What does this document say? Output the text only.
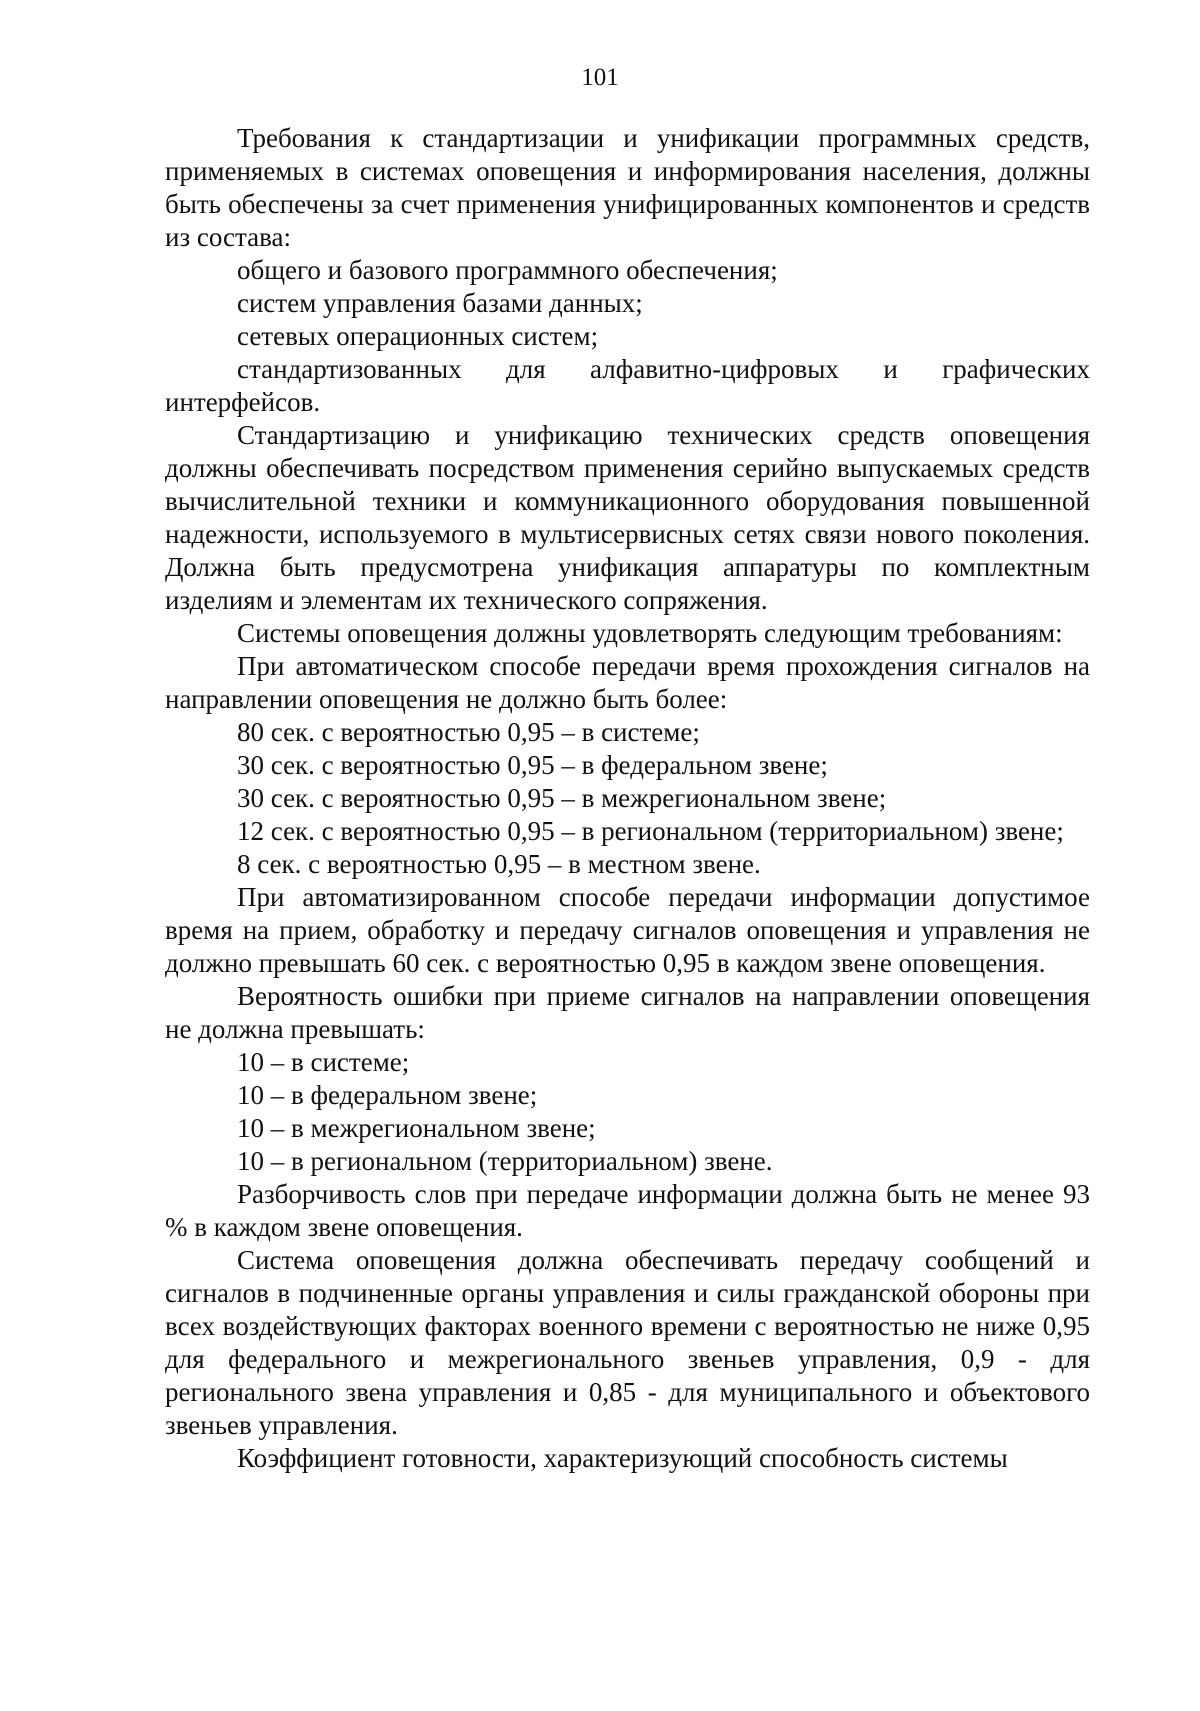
101

Требования к стандартизации и унификации программных средств, применяемых в системах оповещения и информирования населения, должны быть обеспечены за счет применения унифицированных компонентов и средств из состава:

общего и базового программного обеспечения;

систем управления базами данных;

сетевых операционных систем;

стандартизованных для алфавитно-цифровых и графических интерфейсов.

Стандартизацию и унификацию технических средств оповещения должны обеспечивать посредством применения серийно выпускаемых средств вычислительной техники и коммуникационного оборудования повышенной надежности, используемого в мультисервисных сетях связи нового поколения. Должна быть предусмотрена унификация аппаратуры по комплектным изделиям и элементам их технического сопряжения.

Системы оповещения должны удовлетворять следующим требованиям:

При автоматическом способе передачи время прохождения сигналов на направлении оповещения не должно быть более:

80 сек. с вероятностью 0,95 – в системе;

30 сек. с вероятностью 0,95 – в федеральном звене;

30 сек. с вероятностью 0,95 – в межрегиональном звене;

12 сек. с вероятностью 0,95 – в региональном (территориальном) звене;

8 сек. с вероятностью 0,95 – в местном звене.

При автоматизированном способе передачи информации допустимое время на прием, обработку и передачу сигналов оповещения и управления не должно превышать 60 сек. с вероятностью 0,95 в каждом звене оповещения.

Вероятность ошибки при приеме сигналов на направлении оповещения не должна превышать:

10 – в системе;

10 – в федеральном звене;

10 – в межрегиональном звене;

10 – в региональном (территориальном) звене.

Разборчивость слов при передаче информации должна быть не менее 93 % в каждом звене оповещения.

Система оповещения должна обеспечивать передачу сообщений и сигналов в подчиненные органы управления и силы гражданской обороны при всех воздействующих факторах военного времени с вероятностью не ниже 0,95 для федерального и межрегионального звеньев управления, 0,9 - для регионального звена управления и 0,85 - для муниципального и объектового звеньев управления.

Коэффициент готовности, характеризующий способность системы
